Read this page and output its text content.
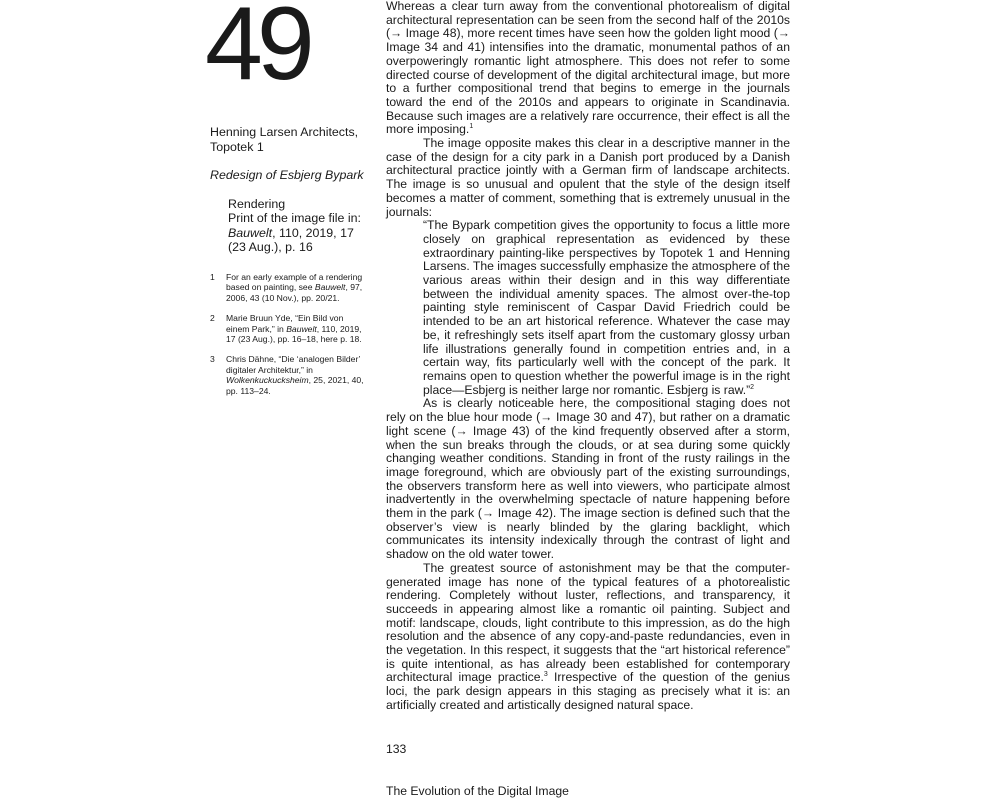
49

Henning Larsen Architects, Topotek 1

Redesign of Esbjerg Bypark

Rendering

Print of the image file in: Bauwelt, 110, 2019, 17 (23 Aug.), p. 16

1 For an early example of a rendering based on painting, see Bauwelt, 97, 2006, 43 (10 Nov.), pp. 20/21.
2 Marie Bruun Yde, “Ein Bild von einem Park,” in Bauwelt, 110, 2019, 17 (23 Aug.), pp. 16–18, here p. 18.
3 Chris Dähne, “Die ‘analogen Bilder’ digitaler Architektur,” in Wolkenkuckucksheim, 25, 2021, 40, pp. 113–24.

Whereas a clear turn away from the conventional photorealism of digital architectural representation can be seen from the second half of the 2010s (→ Image 48), more recent times have seen how the golden light mood (→ Image 34 and 41) intensifies into the dramatic, monumental pathos of an overpoweringly romantic light atmosphere. This does not refer to some directed course of development of the digital architectural image, but more to a further compositional trend that begins to emerge in the journals toward the end of the 2010s and appears to originate in Scandinavia. Because such images are a relatively rare occurrence, their effect is all the more imposing.$^1$

The image opposite makes this clear in a descriptive manner in the case of the design for a city park in a Danish port produced by a Danish architectural practice jointly with a German firm of landscape architects. The image is so unusual and opulent that the style of the design itself becomes a matter of comment, something that is extremely unusual in the journals:

“The Bypark competition gives the opportunity to focus a little more closely on graphical representation as evidenced by these extraordinary painting-like perspectives by Topotek 1 and Henning Larsens. The images successfully emphasize the atmosphere of the various areas within their design and in this way differentiate between the individual amenity spaces. The almost over-the-top painting style reminiscent of Caspar David Friedrich could be intended to be an art historical reference. Whatever the case may be, it refreshingly sets itself apart from the customary glossy urban life illustrations generally found in competition entries and, in a certain way, fits particularly well with the concept of the park. It remains open to question whether the powerful image is in the right place—Esbjerg is neither large nor romantic. Esbjerg is raw.”$^2$

As is clearly noticeable here, the compositional staging does not rely on the blue hour mode (→ Image 30 and 47), but rather on a dramatic light scene (→ Image 43) of the kind frequently observed after a storm, when the sun breaks through the clouds, or at sea during some quickly changing weather conditions. Standing in front of the rusty railings in the image foreground, which are obviously part of the existing surroundings, the observers transform here as well into viewers, who participate almost inadvertently in the overwhelming spectacle of nature happening before them in the park (→ Image 42). The image section is defined such that the observer’s view is nearly blinded by the glaring backlight, which communicates its intensity indexically through the contrast of light and shadow on the old water tower.

The greatest source of astonishment may be that the computer-generated image has none of the typical features of a photorealistic rendering. Completely without luster, reflections, and transparency, it succeeds in appearing almost like a romantic oil painting. Subject and motif: landscape, clouds, light contribute to this impression, as do the high resolution and the absence of any copy-and-paste redundancies, even in the vegetation. In this respect, it suggests that the “art historical reference” is quite intentional, as has already been established for contemporary architectural image practice.$^3$ Irrespective of the question of the genius loci, the park design appears in this staging as precisely what it is: an artificially created and artistically designed natural space.

133
The Evolution of the Digital Image
